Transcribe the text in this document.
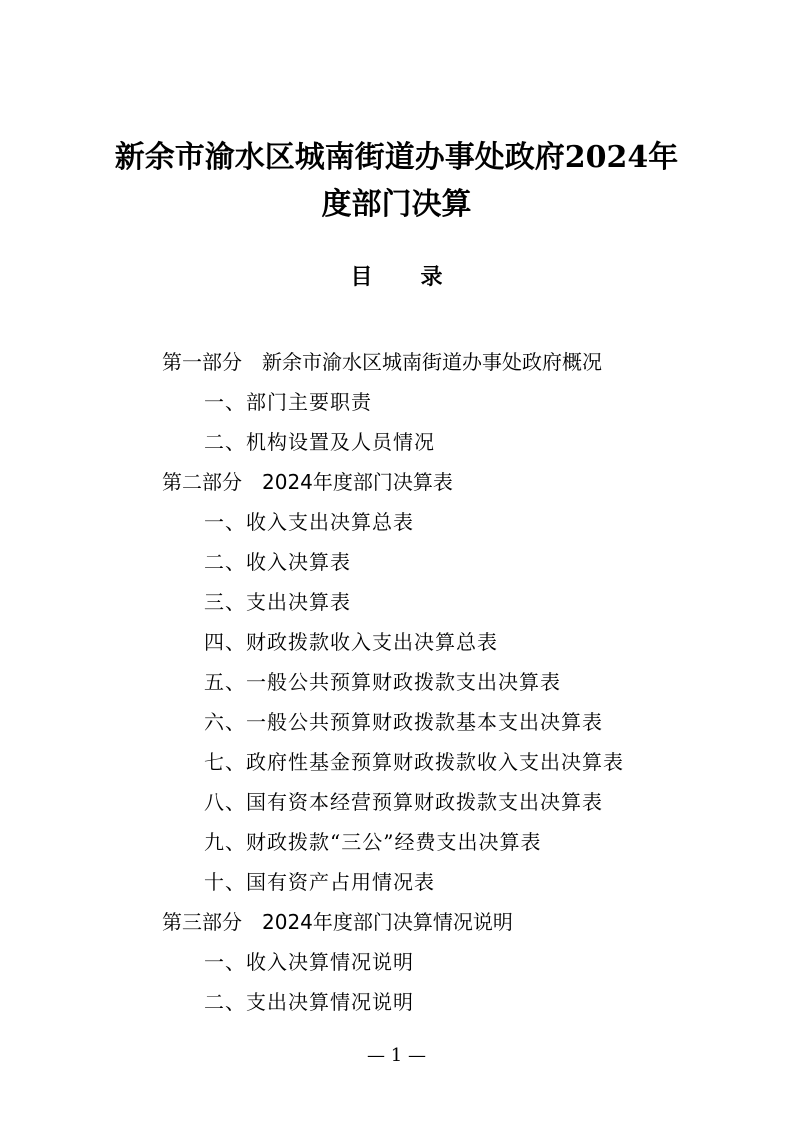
新余市渝水区城南街道办事处政府2024年
度部门决算
目录
第一部分 新余市渝水区城南街道办事处政府概况
一、部门主要职责
二、机构设置及人员情况
第二部分 2024年度部门决算表
一、收入支出决算总表
二、收入决算表
三、支出决算表
四、财政拨款收入支出决算总表
五、一般公共预算财政拨款支出决算表
六、一般公共预算财政拨款基本支出决算表
七、政府性基金预算财政拨款收入支出决算表
八、国有资本经营预算财政拨款支出决算表
九、财政拨款“三公”经费支出决算表
十、国有资产占用情况表
第三部分 2024年度部门决算情况说明
一、收入决算情况说明
二、支出决算情况说明
— 1 —
